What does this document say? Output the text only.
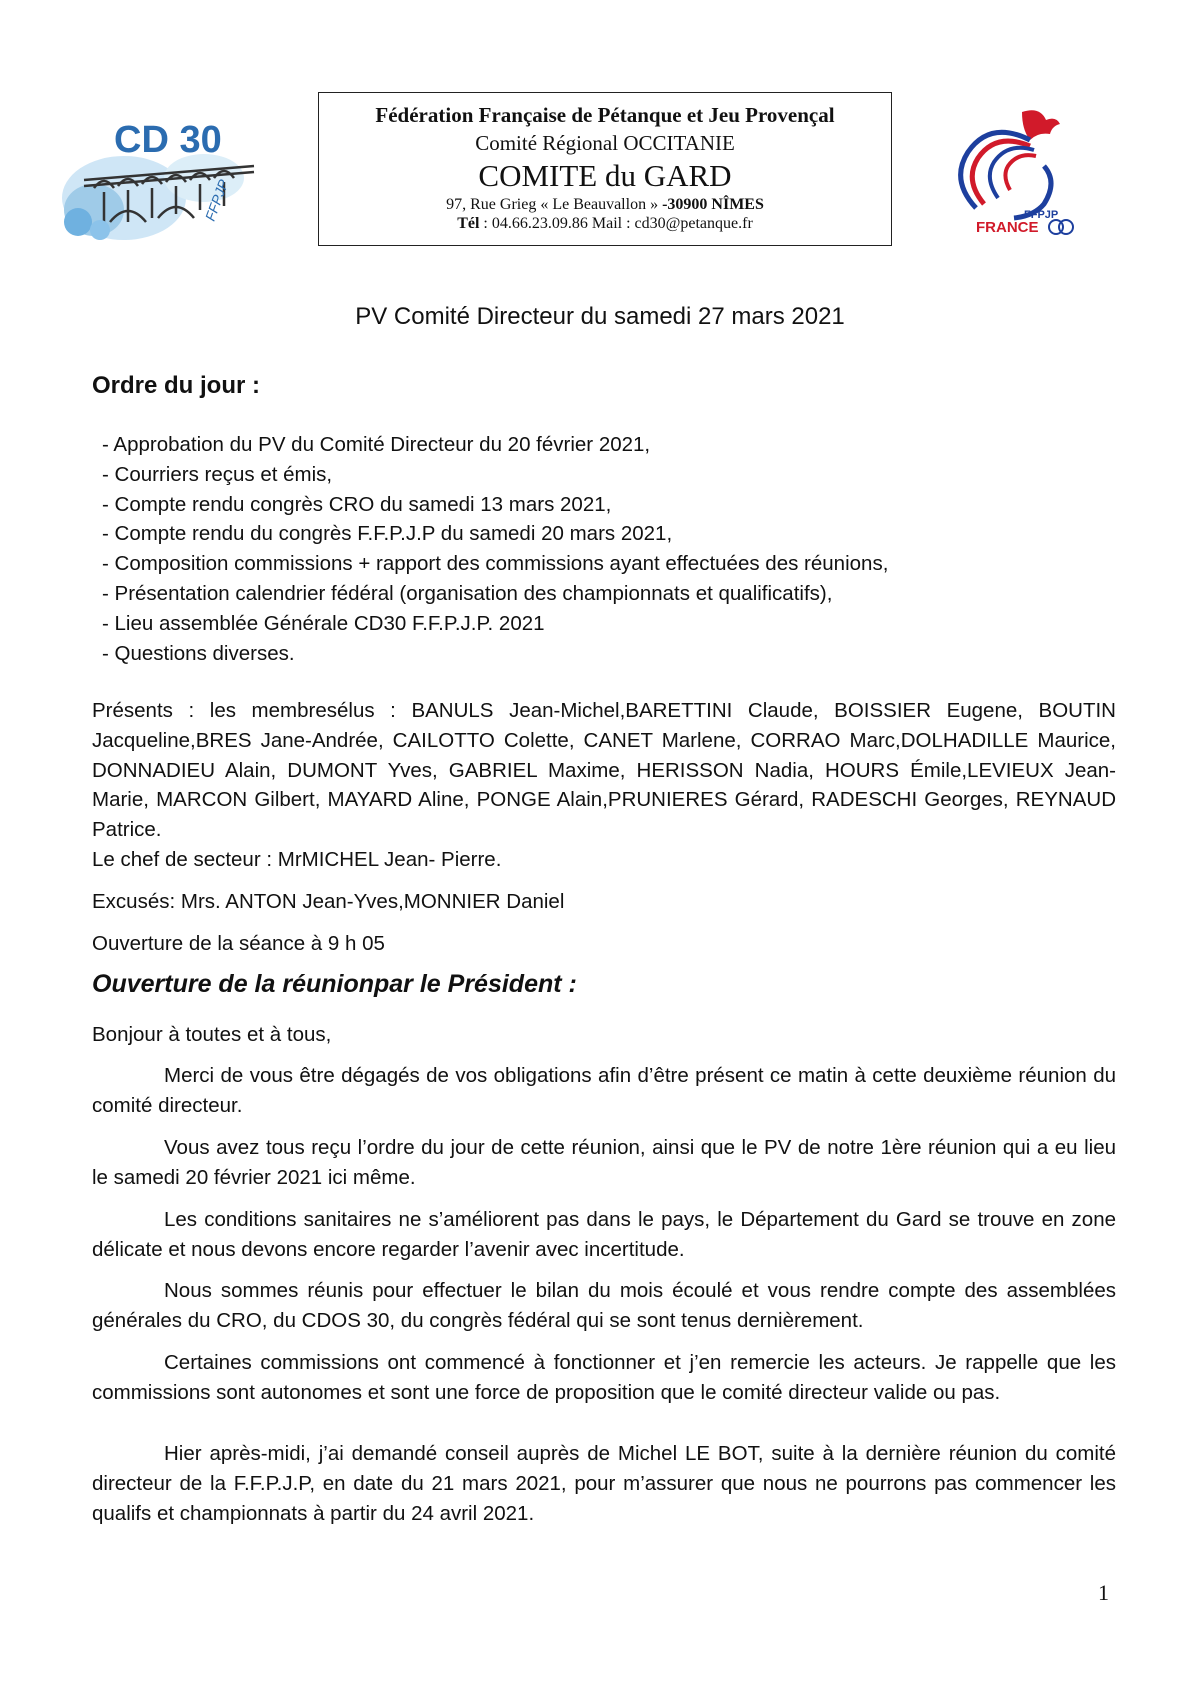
CD 30
FFPJP
Fédération Française de Pétanque et Jeu Provençal
Comité Régional OCCITANIE
COMITE du GARD
97, Rue Grieg « Le Beauvallon » -30900 NÎMES
Tél : 04.66.23.09.86 Mail : cd30@petanque.fr	FFPJP
FRANCE
PV Comité Directeur du samedi 27 mars 2021
Ordre du jour :
- Approbation du PV du Comité Directeur du 20 février 2021,
- Courriers reçus et émis,
- Compte rendu congrès CRO du samedi 13 mars 2021,
- Compte rendu du congrès F.F.P.J.P du samedi 20 mars 2021,
- Composition commissions + rapport des commissions ayant effectuées des réunions,
- Présentation calendrier fédéral (organisation des championnats et qualificatifs),
- Lieu assemblée Générale CD30 F.F.P.J.P. 2021
- Questions diverses.
Présents : les membresélus : BANULS Jean-Michel,BARETTINI Claude, BOISSIER Eugene, BOUTIN Jacqueline,BRES Jane-Andrée, CAILOTTO Colette, CANET Marlene, CORRAO Marc,DOLHADILLE Maurice, DONNADIEU Alain, DUMONT Yves, GABRIEL Maxime, HERISSON Nadia, HOURS Émile,LEVIEUX Jean-Marie, MARCON Gilbert, MAYARD Aline, PONGE Alain,PRUNIERES Gérard, RADESCHI Georges, REYNAUD Patrice.
Le chef de secteur : MrMICHEL Jean- Pierre.
Excusés: Mrs. ANTON Jean-Yves,MONNIER Daniel
Ouverture de la séance à 9 h 05
Ouverture de la réunionpar le Président :
Bonjour à toutes et à tous,

Merci de vous être dégagés de vos obligations afin d’être présent ce matin à cette deuxième réunion du comité directeur.

Vous avez tous reçu l’ordre du jour de cette réunion, ainsi que le PV de notre 1ère réunion qui a eu lieu le samedi 20 février 2021 ici même.

Les conditions sanitaires ne s’améliorent pas dans le pays, le Département du Gard se trouve en zone délicate et nous devons encore regarder l’avenir avec incertitude.

Nous sommes réunis pour effectuer le bilan du mois écoulé et vous rendre compte des assemblées générales du CRO, du CDOS 30, du congrès fédéral qui se sont tenus dernièrement.

Certaines commissions ont commencé à fonctionner et j’en remercie les acteurs. Je rappelle que les commissions sont autonomes et sont une force de proposition que le comité directeur valide ou pas.

Hier après-midi, j’ai demandé conseil auprès de Michel LE BOT, suite à la dernière réunion du comité directeur de la F.F.P.J.P, en date du 21 mars 2021, pour m’assurer que nous ne pourrons pas commencer les qualifs et championnats à partir du 24 avril 2021.

1
